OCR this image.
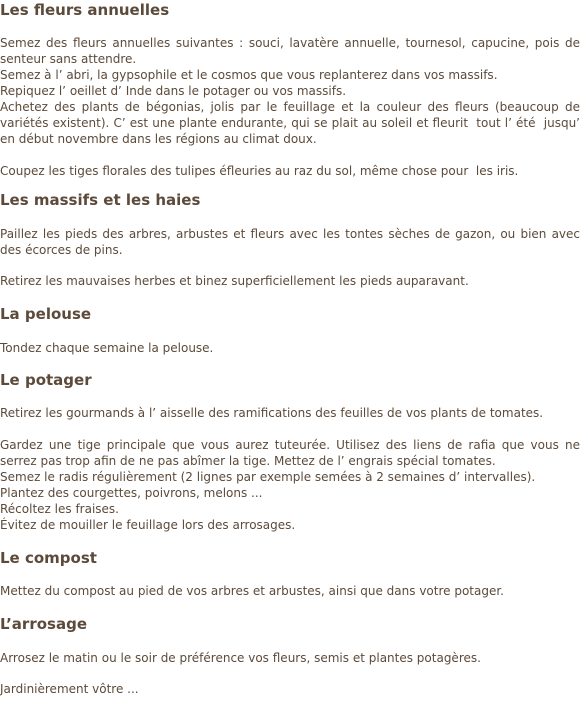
Les fleurs annuelles

Semez des fleurs annuelles suivantes : souci, lavatère annuelle, tournesol, capucine, pois de senteur sans attendre.

Semez à l’ abri, la gypsophile et le cosmos que vous replanterez dans vos massifs.

Repiquez l’ oeillet d’ Inde dans le potager ou vos massifs.

Achetez des plants de bégonias, jolis par le feuillage et la couleur des fleurs (beaucoup de variétés existent). C’ est une plante endurante, qui se plait au soleil et fleurit  tout l’ été  jusqu’ en début novembre dans les régions au climat doux.

Coupez les tiges florales des tulipes éfleuries au raz du sol, même chose pour  les iris.

Les massifs et les haies

Paillez les pieds des arbres, arbustes et fleurs avec les tontes sèches de gazon, ou bien avec des écorces de pins.

Retirez les mauvaises herbes et binez superficiellement les pieds auparavant.

La pelouse

Tondez chaque semaine la pelouse.

Le potager

Retirez les gourmands à l’ aisselle des ramifications des feuilles de vos plants de tomates.

Gardez une tige principale que vous aurez tuteurée. Utilisez des liens de rafia que vous ne serrez pas trop afin de ne pas abîmer la tige. Mettez de l’ engrais spécial tomates.

Semez le radis régulièrement (2 lignes par exemple semées à 2 semaines d’ intervalles).

Plantez des courgettes, poivrons, melons ...

Récoltez les fraises.

Évitez de mouiller le feuillage lors des arrosages.

Le compost

Mettez du compost au pied de vos arbres et arbustes, ainsi que dans votre potager.

L’arrosage

Arrosez le matin ou le soir de préférence vos fleurs, semis et plantes potagères.

Jardinièrement vôtre ...
